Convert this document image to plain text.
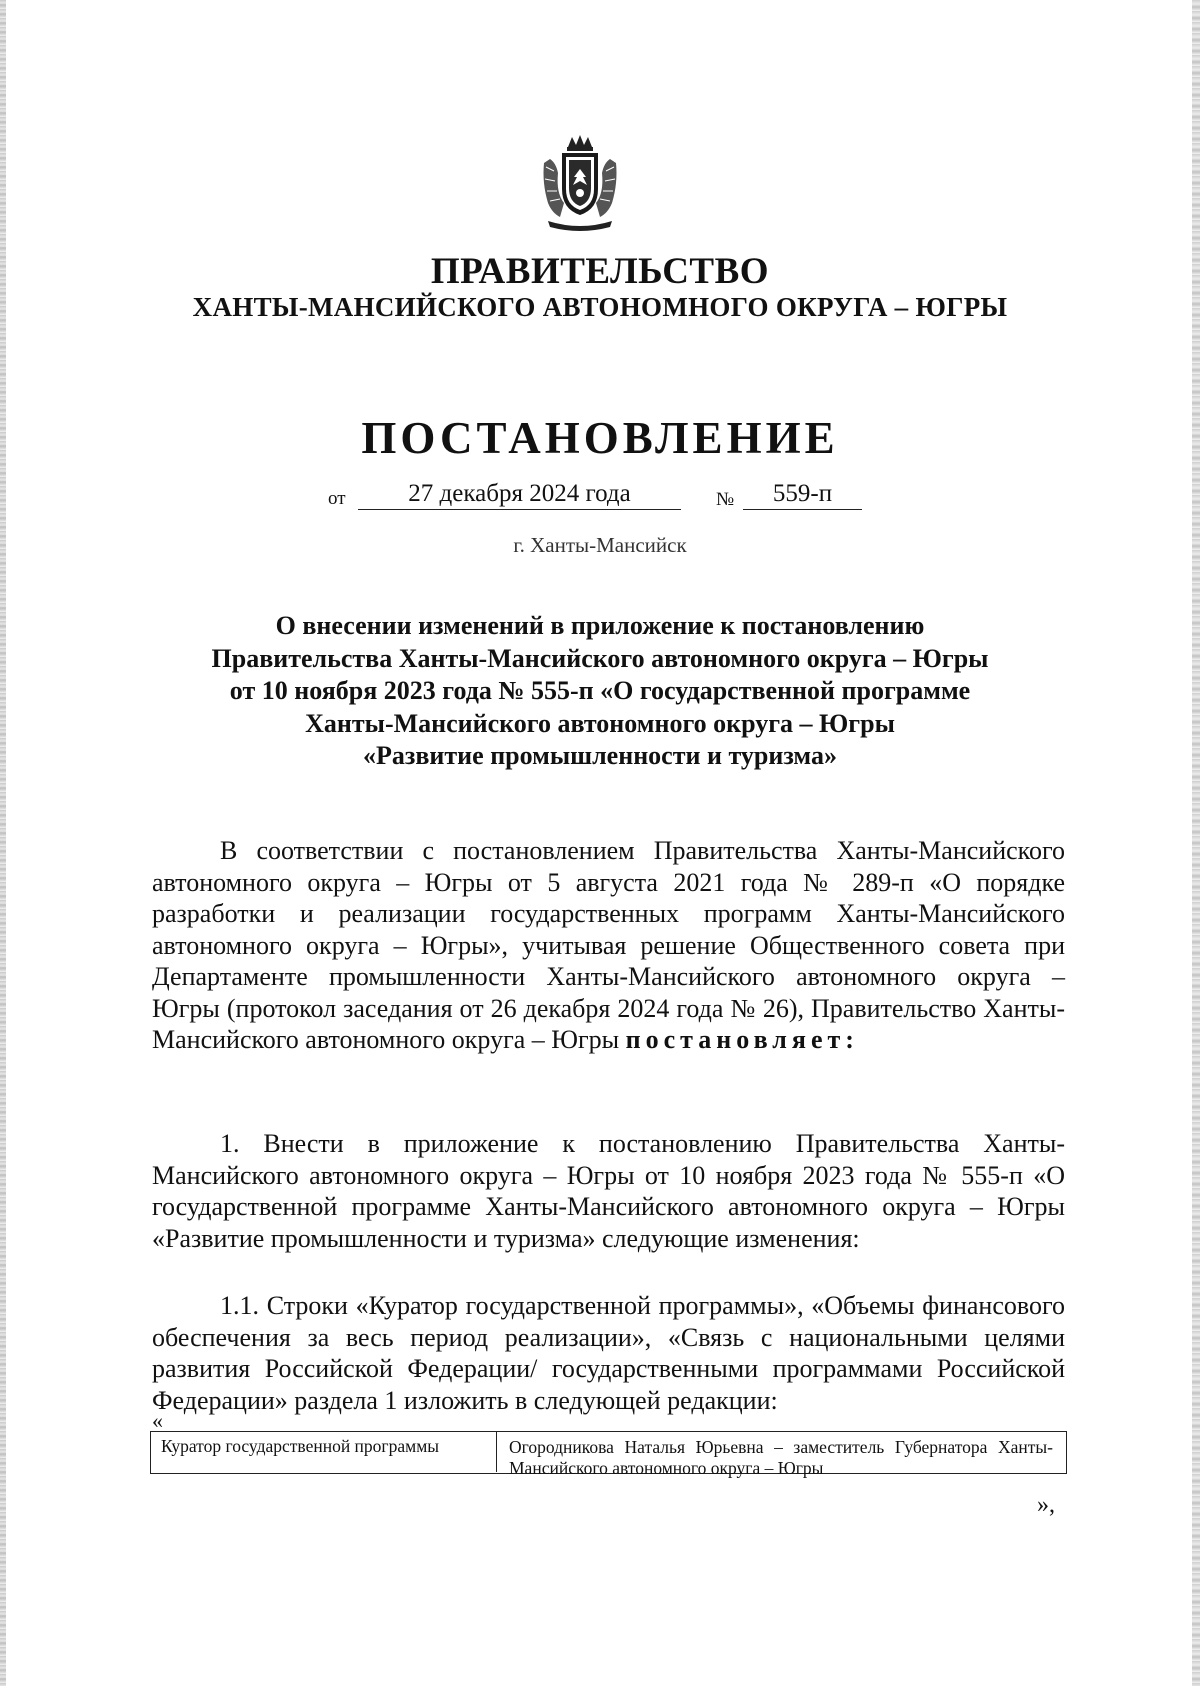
ПРАВИТЕЛЬСТВО
ХАНТЫ-МАНСИЙСКОГО АВТОНОМНОГО ОКРУГА – ЮГРЫ
ПОСТАНОВЛЕНИЕ
от	27 декабря 2024 года	№	559-п
г. Ханты-Мансийск
О внесении изменений в приложение к постановлению
Правительства Ханты-Мансийского автономного округа – Югры
от 10 ноября 2023 года № 555-п «О государственной программе
Ханты-Мансийского автономного округа – Югры
«Развитие промышленности и туризма»
В соответствии с постановлением Правительства Ханты-Мансийского автономного округа – Югры от 5 августа 2021 года № 289-п «О порядке разработки и реализации государственных программ Ханты-Мансийского автономного округа – Югры», учитывая решение Общественного совета при Департаменте промышленности Ханты-Мансийского автономного округа – Югры (протокол заседания от 26 декабря 2024 года № 26), Правительство Ханты-Мансийского автономного округа – Югры постановляет:
1. Внести в приложение к постановлению Правительства Ханты-Мансийского автономного округа – Югры от 10 ноября 2023 года № 555-п «О государственной программе Ханты-Мансийского автономного округа – Югры «Развитие промышленности и туризма» следующие изменения:
1.1. Строки «Куратор государственной программы», «Объемы финансового обеспечения за весь период реализации», «Связь с национальными целями развития Российской Федерации/ государственными программами Российской Федерации» раздела 1 изложить в следующей редакции:
«
Куратор государственной программы	Огородникова Наталья Юрьевна – заместитель Губернатора Ханты-Мансийского автономного округа – Югры
»,
